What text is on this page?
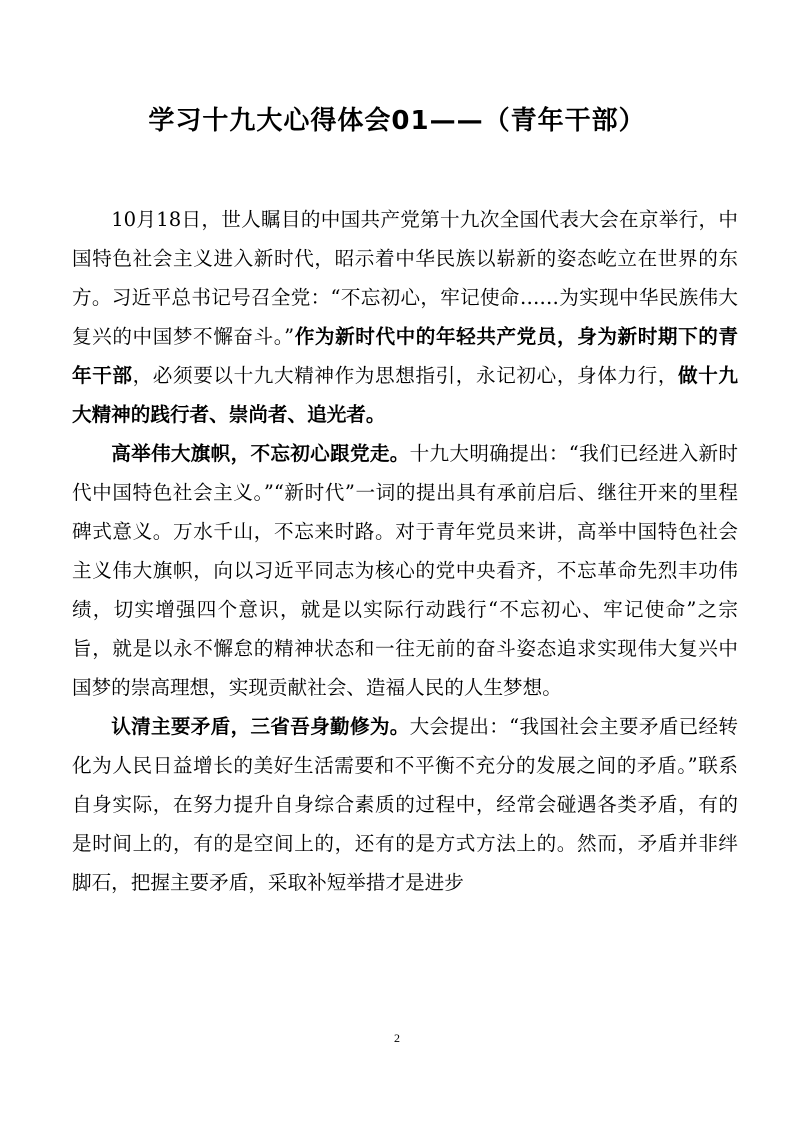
学习十九大心得体会01——（青年干部）

10月18日，世人瞩目的中国共产党第十九次全国代表大会在京举行，中国特色社会主义进入新时代，昭示着中华民族以崭新的姿态屹立在世界的东方。习近平总书记号召全党：“不忘初心，牢记使命……为实现中华民族伟大复兴的中国梦不懈奋斗。”作为新时代中的年轻共产党员，身为新时期下的青年干部，必须要以十九大精神作为思想指引，永记初心，身体力行，做十九大精神的践行者、崇尚者、追光者。

高举伟大旗帜，不忘初心跟党走。十九大明确提出：“我们已经进入新时代中国特色社会主义。”“新时代”一词的提出具有承前启后、继往开来的里程碑式意义。万水千山，不忘来时路。对于青年党员来讲，高举中国特色社会主义伟大旗帜，向以习近平同志为核心的党中央看齐，不忘革命先烈丰功伟绩，切实增强四个意识，就是以实际行动践行“不忘初心、牢记使命”之宗旨，就是以永不懈怠的精神状态和一往无前的奋斗姿态追求实现伟大复兴中国梦的崇高理想，实现贡献社会、造福人民的人生梦想。

认清主要矛盾，三省吾身勤修为。大会提出：“我国社会主要矛盾已经转化为人民日益增长的美好生活需要和不平衡不充分的发展之间的矛盾。”联系自身实际，在努力提升自身综合素质的过程中，经常会碰遇各类矛盾，有的是时间上的，有的是空间上的，还有的是方式方法上的。然而，矛盾并非绊脚石，把握主要矛盾，采取补短举措才是进步

2
